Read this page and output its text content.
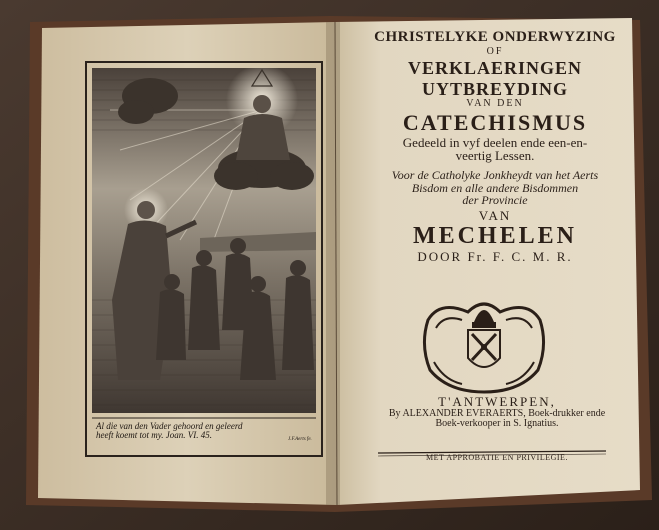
CHRISTELYKE ONDERWYZING
OF
VERKLAERINGEN
UYTBREYDING
VAN DEN
CATECHISMUS
Gedeeld in vyf deelen ende een-en-
veertig Lessen.
Voor de Catholyke Jonkheydt van het Aerts
Bisdom en alle andere Bisdommen
der Provincie
VAN
MECHELEN
DOOR Fr. F. C. M. R.
T'ANTWERPEN,
By ALEXANDER EVERAERTS, Boek-drukker ende
Boek-verkooper in S. Ignatius.
MET APPROBATIE EN PRIVILEGIE.
Al die van den Vader gehoord en geleerd
heeft koemt tot my. Joan. VI. 45.	J.F.Aerts fe.
